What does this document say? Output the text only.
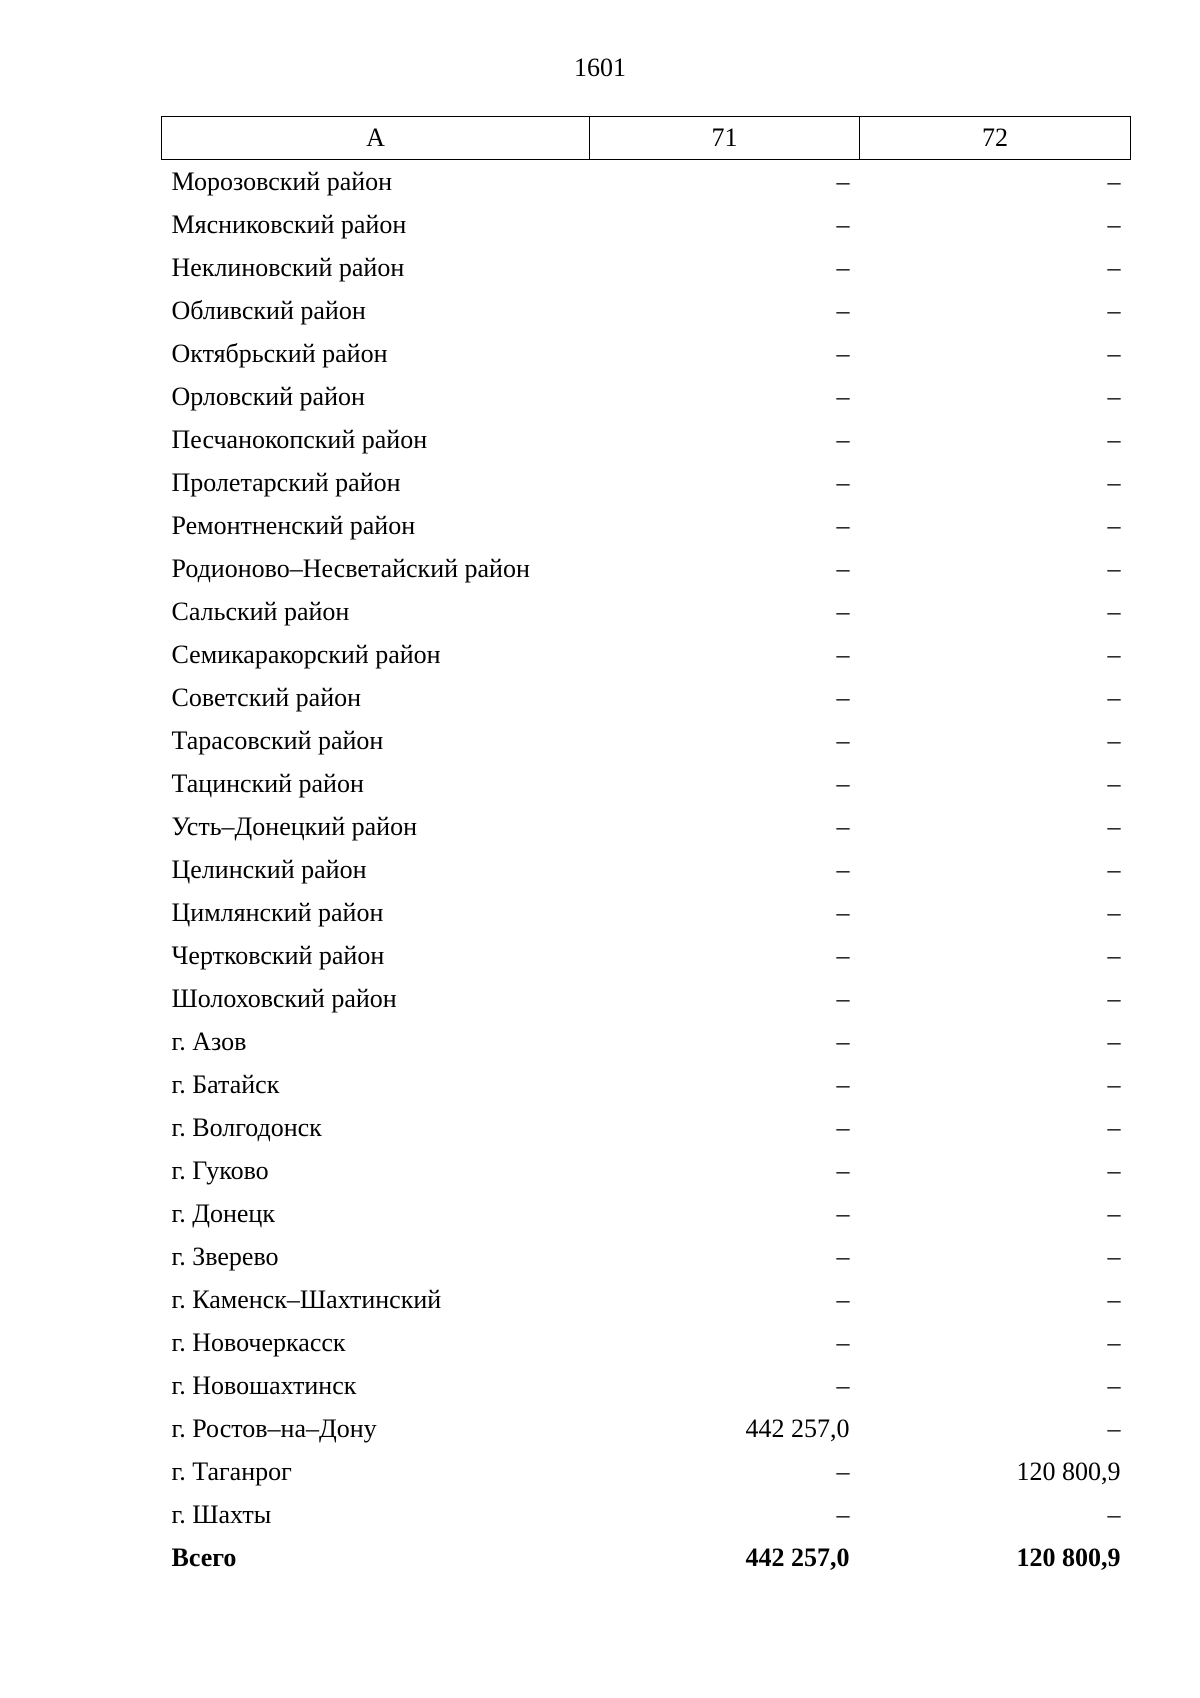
1601
А	71	72
Морозовский район	–	–
Мясниковский район	–	–
Неклиновский район	–	–
Обливский район	–	–
Октябрьский район	–	–
Орловский район	–	–
Песчанокопский район	–	–
Пролетарский район	–	–
Ремонтненский район	–	–
Родионово–Несветайский район	–	–
Сальский район	–	–
Семикаракорский район	–	–
Советский район	–	–
Тарасовский район	–	–
Тацинский район	–	–
Усть–Донецкий район	–	–
Целинский район	–	–
Цимлянский район	–	–
Чертковский район	–	–
Шолоховский район	–	–
г. Азов	–	–
г. Батайск	–	–
г. Волгодонск	–	–
г. Гуково	–	–
г. Донецк	–	–
г. Зверево	–	–
г. Каменск–Шахтинский	–	–
г. Новочеркасск	–	–
г. Новошахтинск	–	–
г. Ростов–на–Дону	442 257,0	–
г. Таганрог	–	120 800,9
г. Шахты	–	–
Всего	442 257,0	120 800,9
